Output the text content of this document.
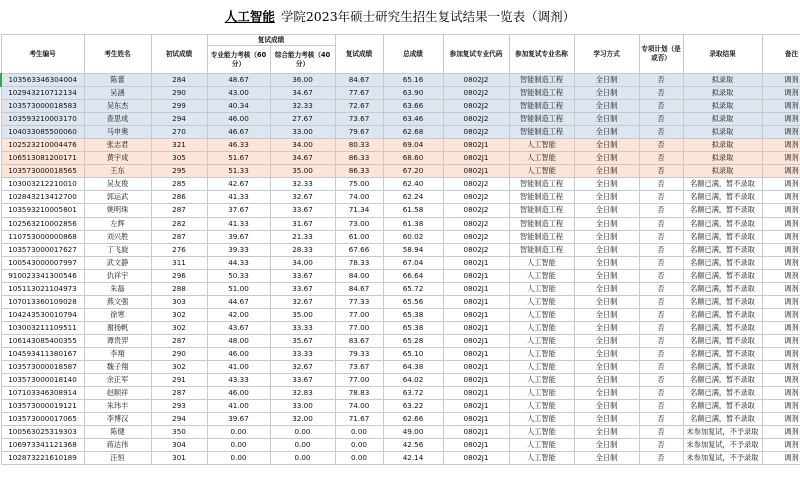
人工智能 学院2023年硕士研究生招生复试结果一览表（调剂）
考生编号	考生姓名	初试成绩	复试成绩		复试成绩	总成绩	参加复试专业代码	参加复试专业名称	学习方式	专项计划（是或否）	录取结果	备注
			专业能力考核（60分）	综合能力考核（40分）								
103563346304004	陈蕾	284	48.67	36.00	84.67	65.16	0802J2	智能制造工程	全日制	否	拟录取	调剂
102943210712134	吴涵	290	43.00	34.67	77.67	63.90	0802J2	智能制造工程	全日制	否	拟录取	调剂
103573000018583	吴东杰	299	40.34	32.33	72.67	63.66	0802J2	智能制造工程	全日制	否	拟录取	调剂
103593210003170	查思成	294	46.00	27.67	73.67	63.46	0802J2	智能制造工程	全日制	否	拟录取	调剂
104033085500060	马申奥	270	46.67	33.00	79.67	62.68	0802J2	智能制造工程	全日制	否	拟录取	调剂
102523210004476	张志君	321	46.33	34.00	80.33	69.04	0802J1	人工智能	全日制	否	拟录取	调剂
106513081200171	黄宇成	305	51.67	34.67	86.33	68.60	0802J1	人工智能	全日制	否	拟录取	调剂
103573000018565	王东	295	51.33	35.00	86.33	67.20	0802J1	人工智能	全日制	否	拟录取	调剂
103003212210010	吴友俊	285	42.67	32.33	75.00	62.40	0802J2	智能制造工程	全日制	否	名额已满，暂不录取	调剂
102843213412700	郭运武	286	41.33	32.67	74.00	62.24	0802J2	智能制造工程	全日制	否	名额已满，暂不录取	调剂
103593210005801	姚明珠	287	37.67	33.67	71.34	61.58	0802J2	智能制造工程	全日制	否	名额已满，暂不录取	调剂
102563210002856	左辉	282	41.33	31.67	73.00	61.38	0802J2	智能制造工程	全日制	否	名额已满，暂不录取	调剂
110753000000868	刘兴胜	287	39.67	21.33	61.00	60.02	0802J2	智能制造工程	全日制	否	名额已满，暂不录取	调剂
103573000017627	丁飞旋	276	39.33	28.33	67.66	58.94	0802J2	智能制造工程	全日制	否	名额已满，暂不录取	调剂
100543000007997	武文静	311	44.33	34.00	78.33	67.04	0802J1	人工智能	全日制	否	名额已满，暂不录取	调剂
910023341300546	仇祥宇	296	50.33	33.67	84.00	66.64	0802J1	人工智能	全日制	否	名额已满，暂不录取	调剂
105113021104973	朱磊	288	51.00	33.67	84.67	65.72	0802J1	人工智能	全日制	否	名额已满，暂不录取	调剂
107013360109028	燕文强	303	44.67	32.67	77.33	65.56	0802J1	人工智能	全日制	否	名额已满，暂不录取	调剂
104243530010794	徐寒	302	42.00	35.00	77.00	65.38	0802J1	人工智能	全日制	否	名额已满，暂不录取	调剂
103003211109511	谢扬帆	302	43.67	33.33	77.00	65.38	0802J1	人工智能	全日制	否	名额已满，暂不录取	调剂
106143085400355	谭贵羿	287	48.00	35.67	83.67	65.28	0802J1	人工智能	全日制	否	名额已满，暂不录取	调剂
104593411380167	李翔	290	46.00	33.33	79.33	65.10	0802J1	人工智能	全日制	否	名额已满，暂不录取	调剂
103573000018587	魏子翔	302	41.00	32.67	73.67	64.38	0802J1	人工智能	全日制	否	名额已满，暂不录取	调剂
103573000018140	余正军	291	43.33	33.67	77.00	64.02	0802J1	人工智能	全日制	否	名额已满，暂不录取	调剂
107103346308914	赵顺祥	287	46.00	32.83	78.83	63.72	0802J1	人工智能	全日制	否	名额已满，暂不录取	调剂
103573000019121	朱玮丰	293	41.00	33.00	74.00	63.22	0802J1	人工智能	全日制	否	名额已满，暂不录取	调剂
103573000017065	李博汉	294	39.67	32.00	71.67	62.66	0802J1	人工智能	全日制	否	名额已满，暂不录取	调剂
100563025319303	陈健	350	0.00	0.00	0.00	49.00	0802J1	人工智能	全日制	否	未参加复试，不予录取	调剂
106973341121368	蒋达伟	304	0.00	0.00	0.00	42.56	0802J1	人工智能	全日制	否	未参加复试，不予录取	调剂
102873221610189	汪恒	301	0.00	0.00	0.00	42.14	0802J1	人工智能	全日制	否	未参加复试，不予录取	调剂
